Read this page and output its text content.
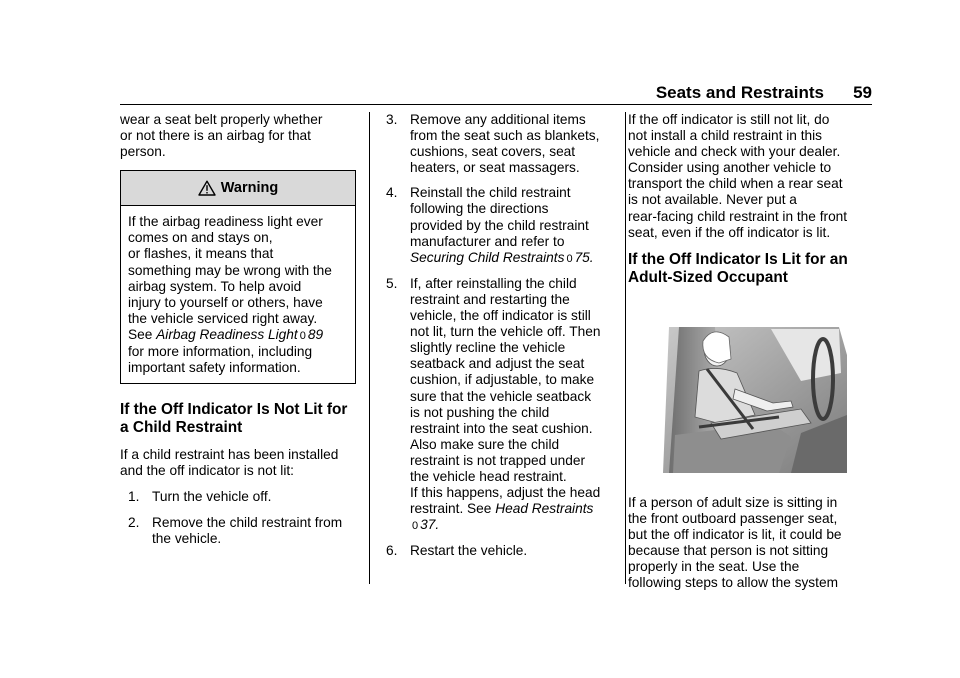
Seats and Restraints 59
wear a seat belt properly whether
or not there is an airbag for that
person.
Warning
If the airbag readiness light ever
comes on and stays on,
or flashes, it means that
something may be wrong with the
airbag system. To help avoid
injury to yourself or others, have
the vehicle serviced right away.
See Airbag Readiness Light 0 89
for more information, including
important safety information.
If the Off Indicator Is Not Lit for
a Child Restraint
If a child restraint has been installed
and the off indicator is not lit:
1. Turn the vehicle off.
2. Remove the child restraint from
the vehicle.
3. Remove any additional items
from the seat such as blankets,
cushions, seat covers, seat
heaters, or seat massagers.
4. Reinstall the child restraint
following the directions
provided by the child restraint
manufacturer and refer to
Securing Child Restraints 0 75.
5. If, after reinstalling the child
restraint and restarting the
vehicle, the off indicator is still
not lit, turn the vehicle off. Then
slightly recline the vehicle
seatback and adjust the seat
cushion, if adjustable, to make
sure that the vehicle seatback
is not pushing the child
restraint into the seat cushion.
Also make sure the child
restraint is not trapped under
the vehicle head restraint.
If this happens, adjust the head
restraint. See Head Restraints
0 37.
6. Restart the vehicle.
If the off indicator is still not lit, do
not install a child restraint in this
vehicle and check with your dealer.
Consider using another vehicle to
transport the child when a rear seat
is not available. Never put a
rear-facing child restraint in the front
seat, even if the off indicator is lit.
If the Off Indicator Is Lit for an
Adult-Sized Occupant
If a person of adult size is sitting in
the front outboard passenger seat,
but the off indicator is lit, it could be
because that person is not sitting
properly in the seat. Use the
following steps to allow the system
